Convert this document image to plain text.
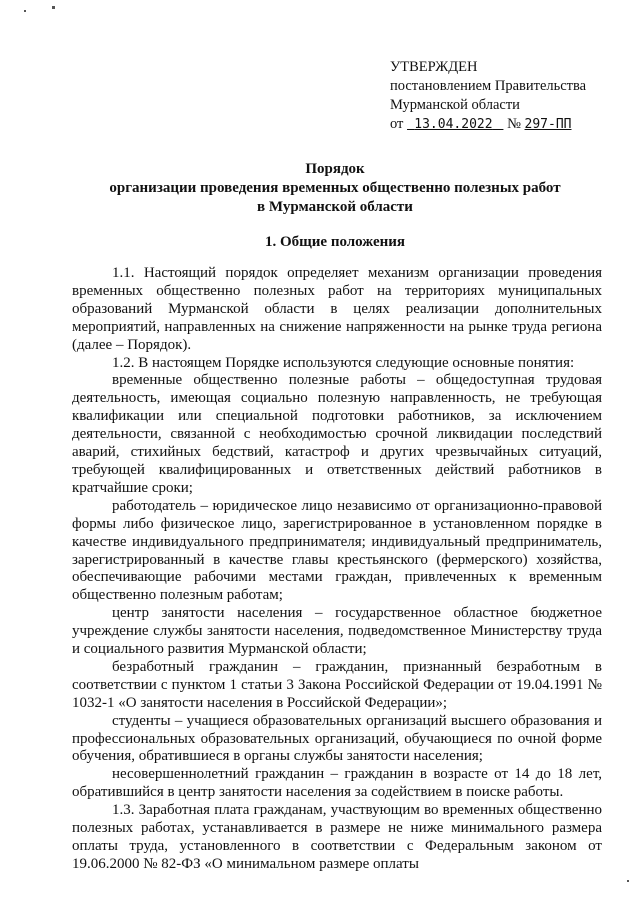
УТВЕРЖДЕН
постановлением Правительства
Мурманской области
от 13.04.2022 № 297-ПП
Порядок
организации проведения временных общественно полезных работ
в Мурманской области
1. Общие положения

1.1. Настоящий порядок определяет механизм организации проведения временных общественно полезных работ на территориях муниципальных образований Мурманской области в целях реализации дополнительных мероприятий, направленных на снижение напряженности на рынке труда региона (далее – Порядок).

1.2. В настоящем Порядке используются следующие основные понятия:

временные общественно полезные работы – общедоступная трудовая деятельность, имеющая социально полезную направленность, не требующая квалификации или специальной подготовки работников, за исключением деятельности, связанной с необходимостью срочной ликвидации последствий аварий, стихийных бедствий, катастроф и других чрезвычайных ситуаций, требующей квалифицированных и ответственных действий работников в кратчайшие сроки;

работодатель – юридическое лицо независимо от организационно-правовой формы либо физическое лицо, зарегистрированное в установленном порядке в качестве индивидуального предпринимателя; индивидуальный предприниматель, зарегистрированный в качестве главы крестьянского (фермерского) хозяйства, обеспечивающие рабочими местами граждан, привлеченных к временным общественно полезным работам;

центр занятости населения – государственное областное бюджетное учреждение службы занятости населения, подведомственное Министерству труда и социального развития Мурманской области;

безработный гражданин – гражданин, признанный безработным в соответствии с пунктом 1 статьи 3 Закона Российской Федерации от 19.04.1991 № 1032-1 «О занятости населения в Российской Федерации»;

студенты – учащиеся образовательных организаций высшего образования и профессиональных образовательных организаций, обучающиеся по очной форме обучения, обратившиеся в органы службы занятости населения;

несовершеннолетний гражданин – гражданин в возрасте от 14 до 18 лет, обратившийся в центр занятости населения за содействием в поиске работы.

1.3. Заработная плата гражданам, участвующим во временных общественно полезных работах, устанавливается в размере не ниже минимального размера оплаты труда, установленного в соответствии с Федеральным законом от 19.06.2000 № 82-ФЗ «О минимальном размере оплаты
